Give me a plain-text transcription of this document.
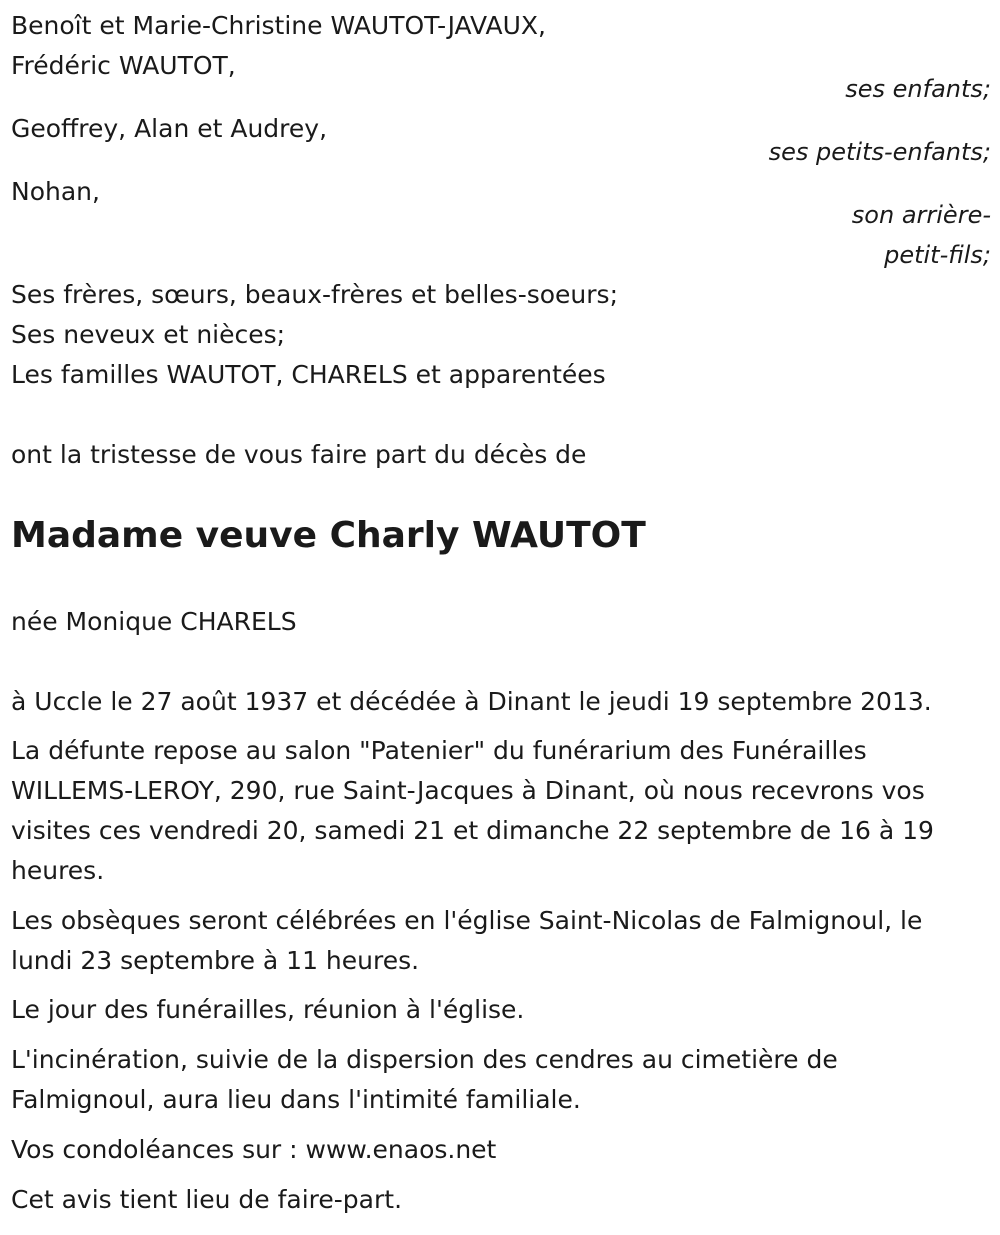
Benoît et Marie-Christine WAUTOT-JAVAUX,
Frédéric WAUTOT,
ses enfants;
Geoffrey, Alan et Audrey,
ses petits-enfants;
Nohan,
son arrière-
petit-fils;
Ses frères, sœurs, beaux-frères et belles-soeurs;
Ses neveux et nièces;
Les familles WAUTOT, CHARELS et apparentées
ont la tristesse de vous faire part du décès de
Madame veuve Charly WAUTOT
née Monique CHARELS
à Uccle le 27 août 1937 et décédée à Dinant le jeudi 19 septembre 2013.
La défunte repose au salon "Patenier" du funérarium des Funérailles WILLEMS-LEROY, 290, rue Saint-Jacques à Dinant, où nous recevrons vos visites ces vendredi 20, samedi 21 et dimanche 22 septembre de 16 à 19 heures.
Les obsèques seront célébrées en l'église Saint-Nicolas de Falmignoul, le lundi 23 septembre à 11 heures.
Le jour des funérailles, réunion à l'église.
L'incinération, suivie de la dispersion des cendres au cimetière de Falmignoul, aura lieu dans l'intimité familiale.
Vos condoléances sur : www.enaos.net
Cet avis tient lieu de faire-part.
